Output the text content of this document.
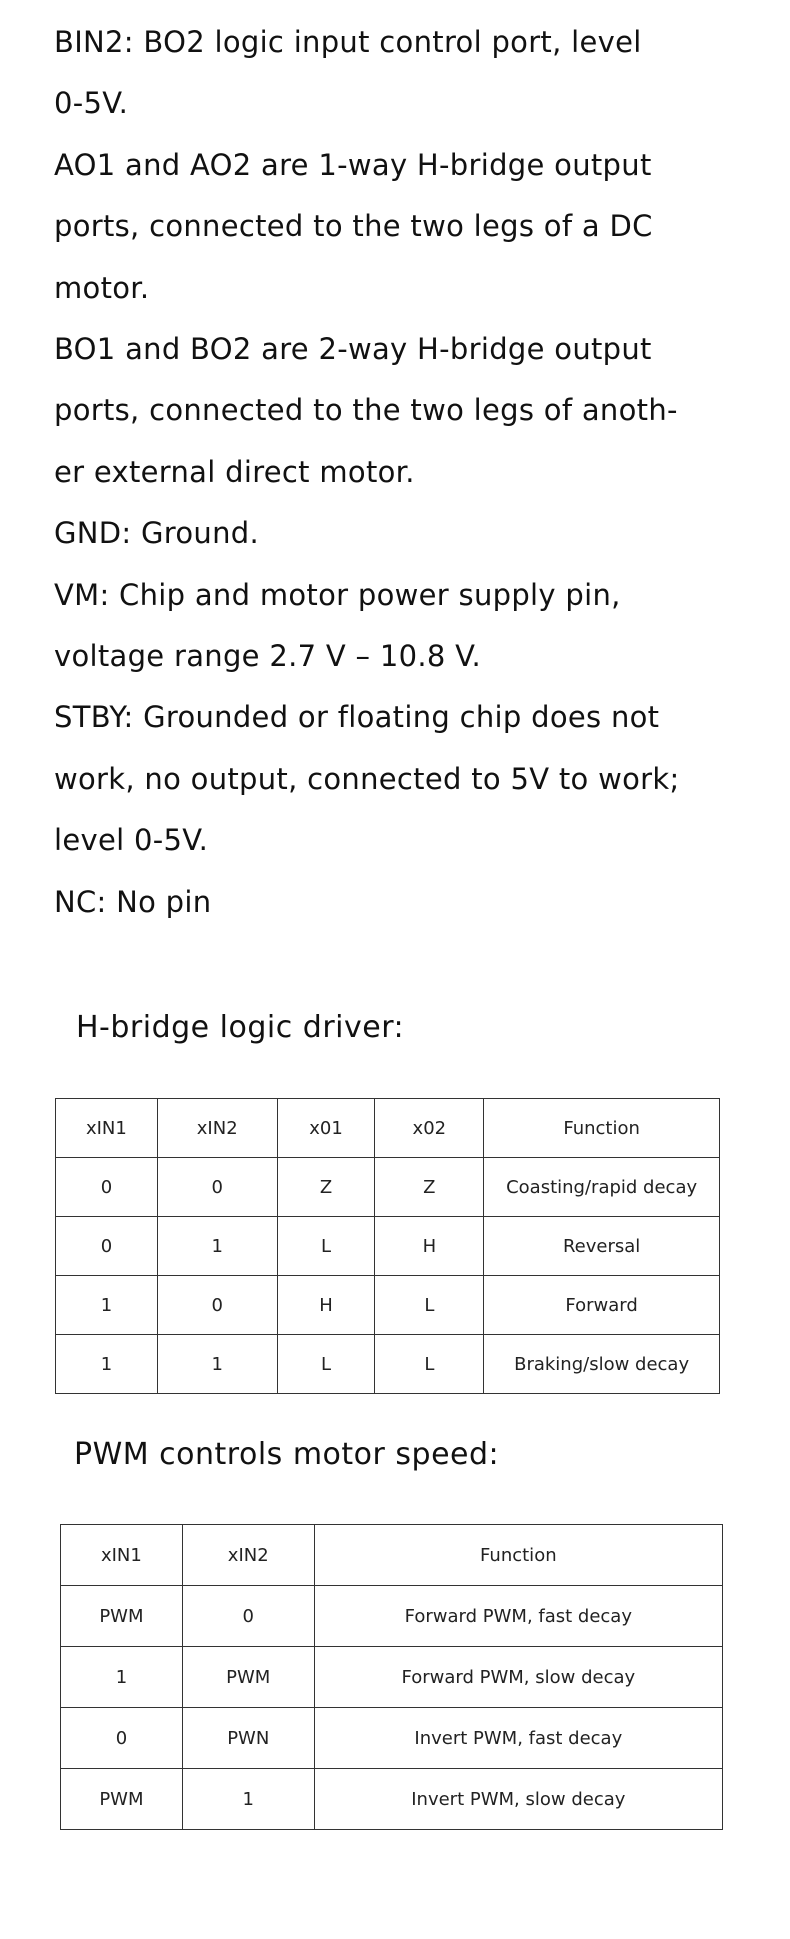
BIN2: BO2 logic input control port, level
0-5V.
AO1 and AO2 are 1-way H-bridge output
ports, connected to the two legs of a DC
motor.
BO1 and BO2 are 2-way H-bridge output
ports, connected to the two legs of anoth-
er external direct motor.
GND: Ground.
VM: Chip and motor power supply pin,
voltage range 2.7 V – 10.8 V.
STBY: Grounded or floating chip does not
work, no output, connected to 5V to work;
level 0-5V.
NC: No pin
H-bridge logic driver:
xIN1	xIN2	x01	x02	Function
0	0	Z	Z	Coasting/rapid decay
0	1	L	H	Reversal
1	0	H	L	Forward
1	1	L	L	Braking/slow decay
PWM controls motor speed:
xIN1	xIN2	Function
PWM	0	Forward PWM, fast decay
1	PWM	Forward PWM, slow decay
0	PWN	Invert PWM, fast decay
PWM	1	Invert PWM, slow decay
